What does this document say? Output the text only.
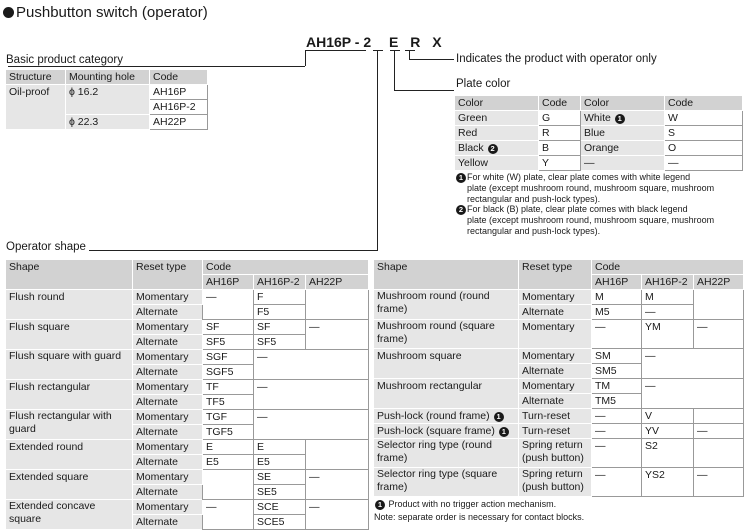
Pushbutton switch (operator)
AH16P - 2 E R X
Indicates the product with operator only
Plate color
Basic product category
Structure	Mounting hole	Code
Oil-proof	ϕ 16.2	AH16P
		AH16P-2
	ϕ 22.3	AH22P
Color	Code	Color	Code
Green	G	White 1	W
Red	R	Blue	S
Black 2	B	Orange	O
Yellow	Y	—	—
1 For white (W) plate, clear plate comes with white legend
plate (except mushroom round, mushroom square, mushroom
rectangular and push-lock types).
2 For black (B) plate, clear plate comes with black legend
plate (except mushroom round, mushroom square, mushroom
rectangular and push-lock types).
Operator shape
Shape	Reset type	Code		
		AH16P	AH16P-2	AH22P
Flush round	Momentary	—	F	
	Alternate		F5	
Flush square	Momentary	SF	SF	—
	Alternate	SF5	SF5	
Flush square with guard	Momentary	SGF	—	
	Alternate	SGF5		
Flush rectangular	Momentary	TF	—	
	Alternate	TF5		
Flush rectangular with guard	Momentary	TGF	—	
	Alternate	TGF5		
Extended round	Momentary	E	E	
	Alternate	E5	E5	
Extended square	Momentary		SE	—
	Alternate		SE5	
Extended concave square	Momentary	—	SCE	—
	Alternate		SCE5	
Shape	Reset type	Code		
		AH16P	AH16P-2	AH22P
Mushroom round (round frame)	Momentary	M	M	
	Alternate	M5	—	
Mushroom round (square frame)	Momentary	—	YM	—
Mushroom square	Momentary	SM	—	
	Alternate	SM5		
Mushroom rectangular	Momentary	TM	—	
	Alternate	TM5		
Push-lock (round frame) 1	Turn-reset	—	V	
Push-lock (square frame) 1	Turn-reset	—	YV	—
Selector ring type (round frame)	Spring return (push button)	—	S2	
Selector ring type (square frame)	Spring return (push button)	—	YS2	—
1 Product with no trigger action mechanism.
Note: separate order is necessary for contact blocks.
